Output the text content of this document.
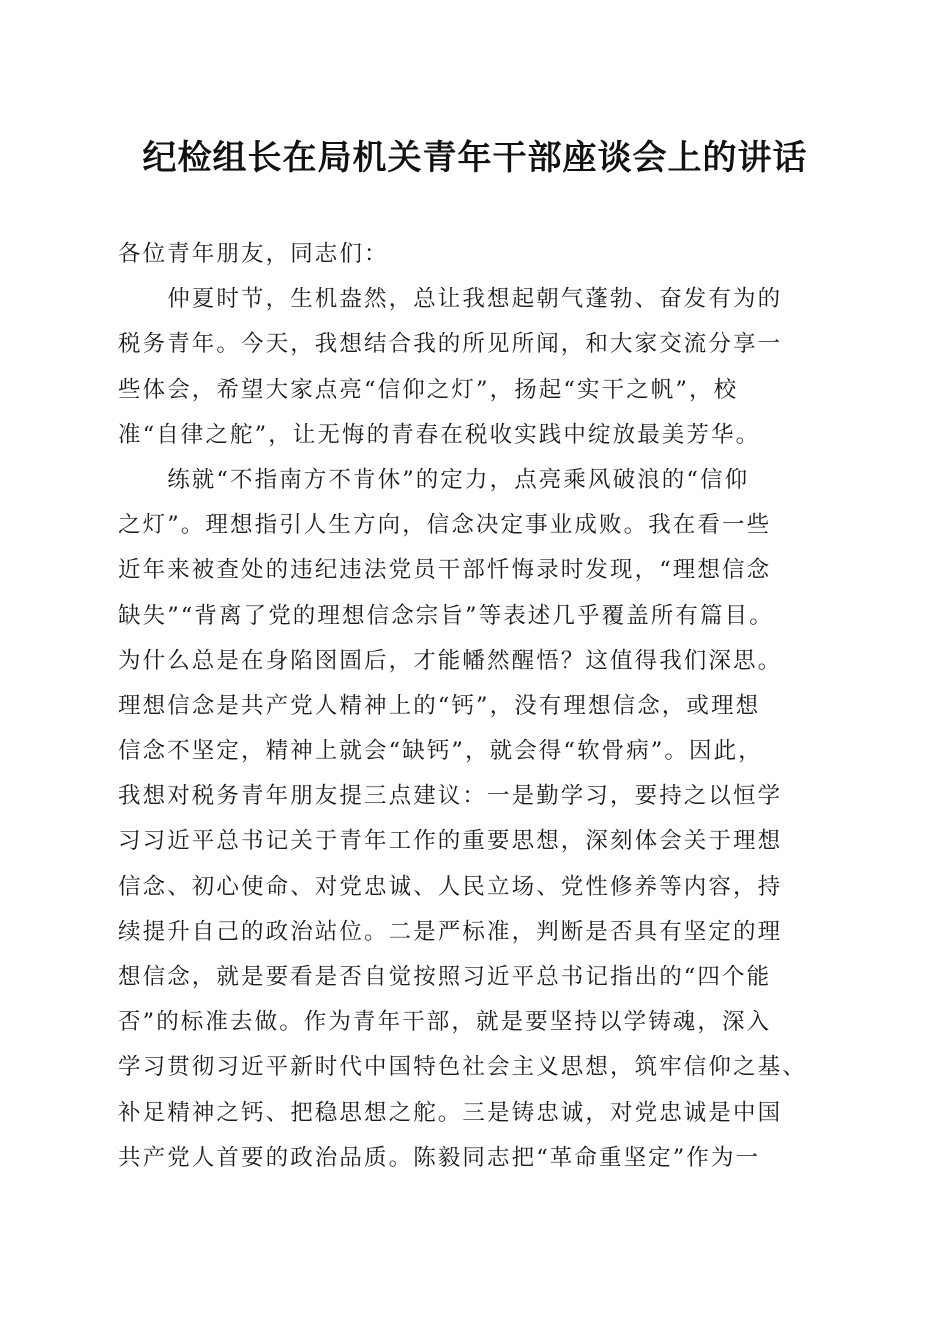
纪检组长在局机关青年干部座谈会上的讲话
各位青年朋友，同志们：
　　仲夏时节，生机盎然，总让我想起朝气蓬勃、奋发有为的
税务青年。今天，我想结合我的所见所闻，和大家交流分享一
些体会，希望大家点亮“信仰之灯”，扬起“实干之帆”，校
准“自律之舵”，让无悔的青春在税收实践中绽放最美芳华。
　　练就“不指南方不肯休”的定力，点亮乘风破浪的“信仰
之灯”。理想指引人生方向，信念决定事业成败。我在看一些
近年来被查处的违纪违法党员干部忏悔录时发现，“理想信念
缺失”“背离了党的理想信念宗旨”等表述几乎覆盖所有篇目。
为什么总是在身陷囹圄后，才能幡然醒悟？这值得我们深思。
理想信念是共产党人精神上的“钙”，没有理想信念，或理想
信念不坚定，精神上就会“缺钙”，就会得“软骨病”。因此，
我想对税务青年朋友提三点建议：一是勤学习，要持之以恒学
习习近平总书记关于青年工作的重要思想，深刻体会关于理想
信念、初心使命、对党忠诚、人民立场、党性修养等内容，持
续提升自己的政治站位。二是严标准，判断是否具有坚定的理
想信念，就是要看是否自觉按照习近平总书记指出的“四个能
否”的标准去做。作为青年干部，就是要坚持以学铸魂，深入
学习贯彻习近平新时代中国特色社会主义思想，筑牢信仰之基、
补足精神之钙、把稳思想之舵。三是铸忠诚，对党忠诚是中国
共产党人首要的政治品质。陈毅同志把“革命重坚定”作为一
